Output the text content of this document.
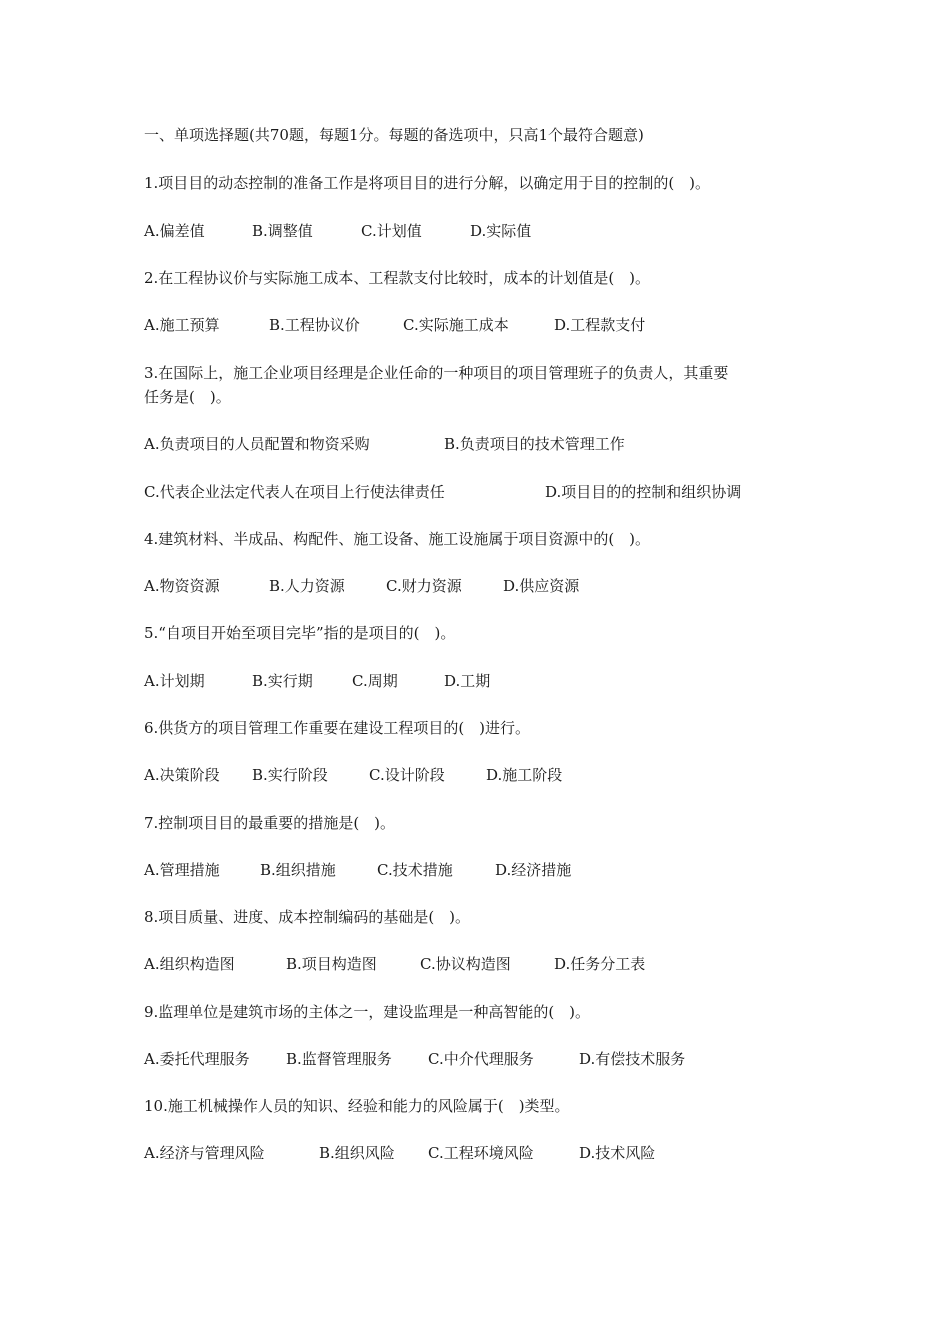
一、单项选择题(共70题，每题1分。每题的备选项中，只高1个最符合题意)
1.项目目的动态控制的准备工作是将项目目的进行分解，以确定用于目的控制的(　)。
A.偏差值	B.调整值	C.计划值	D.实际值
2.在工程协议价与实际施工成本、工程款支付比较时，成本的计划值是(　)。
A.施工预算	B.工程协议价	C.实际施工成本	D.工程款支付
3.在国际上，施工企业项目经理是企业任命的一种项目的项目管理班子的负责人，其重要
任务是(　)。
A.负责项目的人员配置和物资采购	B.负责项目的技术管理工作
C.代表企业法定代表人在项目上行使法律责任	D.项目目的的控制和组织协调
4.建筑材料、半成品、构配件、施工设备、施工设施属于项目资源中的(　)。
A.物资资源	B.人力资源	C.财力资源	D.供应资源
5.“自项目开始至项目完毕”指的是项目的(　)。
A.计划期	B.实行期	C.周期	D.工期
6.供货方的项目管理工作重要在建设工程项目的(　)进行。
A.决策阶段 B.实行阶段	C.设计阶段	D.施工阶段
7.控制项目目的最重要的措施是(　)。
A.管理措施	B.组织措施	C.技术措施	D.经济措施
8.项目质量、进度、成本控制编码的基础是(　)。
A.组织构造图	B.项目构造图	C.协议构造图	D.任务分工表
9.监理单位是建筑市场的主体之一，建设监理是一种高智能的(　)。
A.委托代理服务 B.监督管理服务 C.中介代理服务	D.有偿技术服务
10.施工机械操作人员的知识、经验和能力的风险属于(　)类型。
A.经济与管理风险	B.组织风险 C.工程环境风险	D.技术风险
